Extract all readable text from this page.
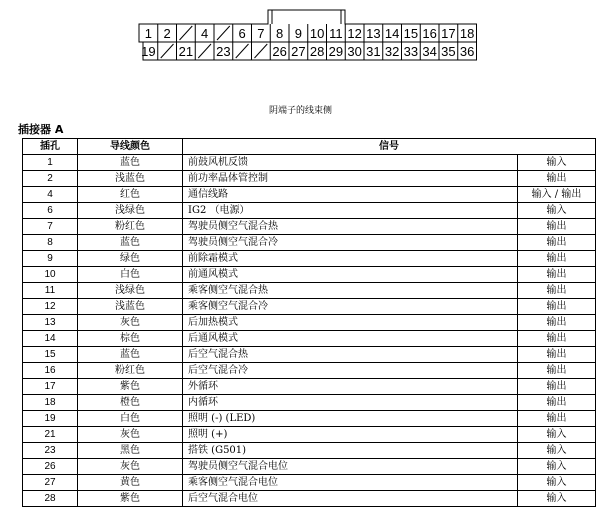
1 2 4 6 7 8 9 10 11 12 13 14 15 16 17 18
19 21 23	26 27 28 29 30 31 32 33 34 35 36
阴端子的线束侧
插接器 A
插孔	导线颜色	信号	
1	蓝色	前鼓风机反馈	输入
2	浅蓝色	前功率晶体管控制	输出
4	红色	通信线路	输入 / 输出
6	浅绿色	IG2 （电源）	输入
7	粉红色	驾驶员侧空气混合热	输出
8	蓝色	驾驶员侧空气混合冷	输出
9	绿色	前除霜模式	输出
10	白色	前通风模式	输出
11	浅绿色	乘客侧空气混合热	输出
12	浅蓝色	乘客侧空气混合冷	输出
13	灰色	后加热模式	输出
14	棕色	后通风模式	输出
15	蓝色	后空气混合热	输出
16	粉红色	后空气混合冷	输出
17	紫色	外循环	输出
18	橙色	内循环	输出
19	白色	照明 (-) (LED)	输出
21	灰色	照明 (+)	输入
23	黑色	搭铁 (G501)	输入
26	灰色	驾驶员侧空气混合电位	输入
27	黄色	乘客侧空气混合电位	输入
28	紫色	后空气混合电位	输入
